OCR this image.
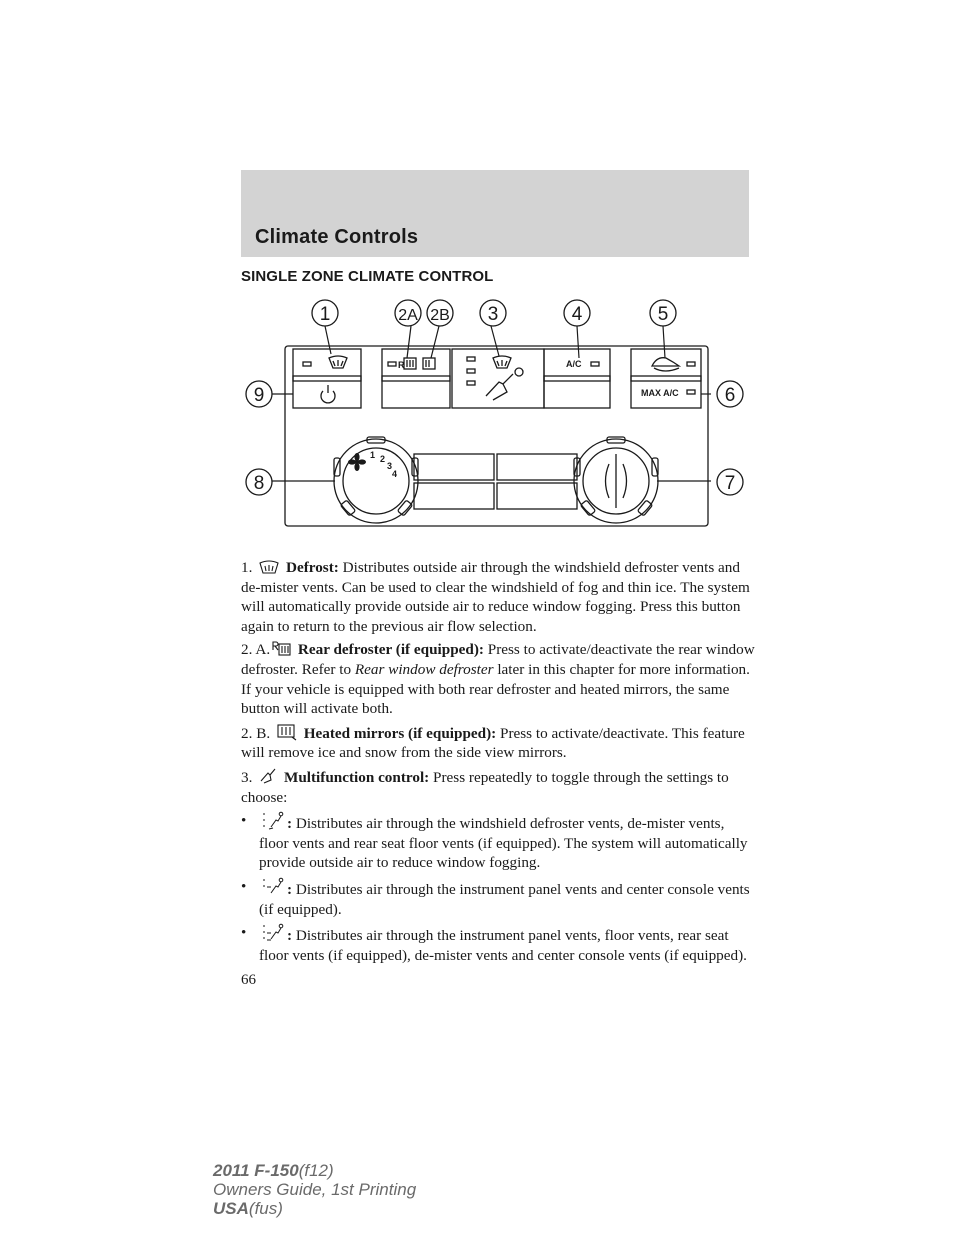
Climate Controls
SINGLE ZONE CLIMATE CONTROL
1	2A 2B 3	4	5
6
7
8
9
A/C
MAX A/C
R
1 2
3
4

1. Defrost: Distributes outside air through the windshield defroster vents and de-mister vents. Can be used to clear the windshield of fog and thin ice. The system will automatically provide outside air to reduce window fogging. Press this button again to return to the previous air flow selection.

2. A. Rear defroster (if equipped): Press to activate/deactivate the rear window defroster. Refer to Rear window defroster later in this chapter for more information. If your vehicle is equipped with both rear defroster and heated mirrors, the same button will activate both.

2. B. Heated mirrors (if equipped): Press to activate/deactivate. This feature will remove ice and snow from the side view mirrors.

3. Multifunction control: Press repeatedly to toggle through the settings to choose:

•	: Distributes air through the windshield defroster vents, de-mister vents, floor vents and rear seat floor vents (if equipped). The system will automatically provide outside air to reduce window fogging.
•	: Distributes air through the instrument panel vents and center console vents (if equipped).
•	: Distributes air through the instrument panel vents, floor vents, rear seat floor vents (if equipped), de-mister vents and center console vents (if equipped).
66
2011 F-150(f12)
Owners Guide, 1st Printing
USA(fus)
